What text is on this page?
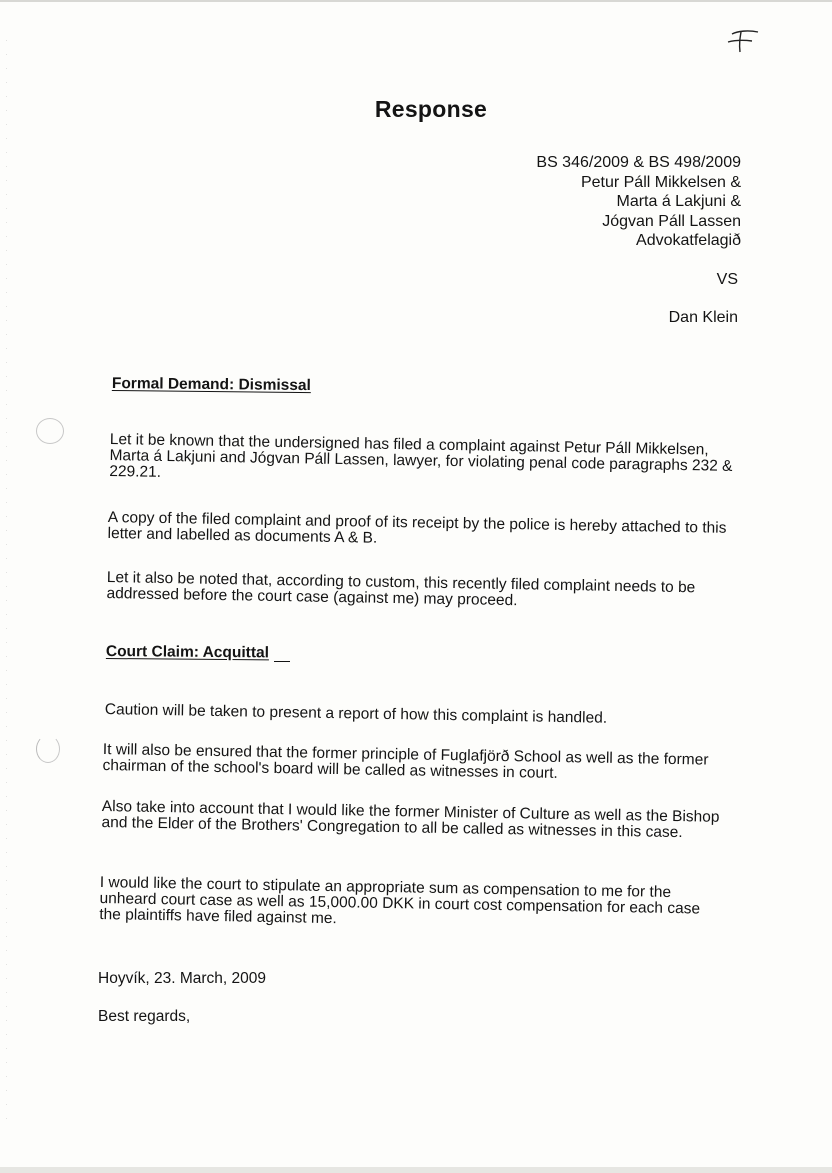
Response
BS 346/2009 & BS 498/2009
Petur Páll Mikkelsen &
Marta á Lakjuni &
Jógvan Páll Lassen
Advokatfelagið
VS
Dan Klein
Formal Demand: Dismissal

Let it be known that the undersigned has filed a complaint against Petur Páll Mikkelsen, Marta á Lakjuni and Jógvan Páll Lassen, lawyer, for violating penal code paragraphs 232 & 229.21.

A copy of the filed complaint and proof of its receipt by the police is hereby attached to this letter and labelled as documents A & B.

Let it also be noted that, according to custom, this recently filed complaint needs to be addressed before the court case (against me) may proceed.

Court Claim: Acquittal

Caution will be taken to present a report of how this complaint is handled.

It will also be ensured that the former principle of Fuglafjörð School as well as the former chairman of the school's board will be called as witnesses in court.

Also take into account that I would like the former Minister of Culture as well as the Bishop and the Elder of the Brothers' Congregation to all be called as witnesses in this case.

I would like the court to stipulate an appropriate sum as compensation to me for the unheard court case as well as 15,000.00 DKK in court cost compensation for each case the plaintiffs have filed against me.

Hoyvík, 23. March, 2009
Best regards,
